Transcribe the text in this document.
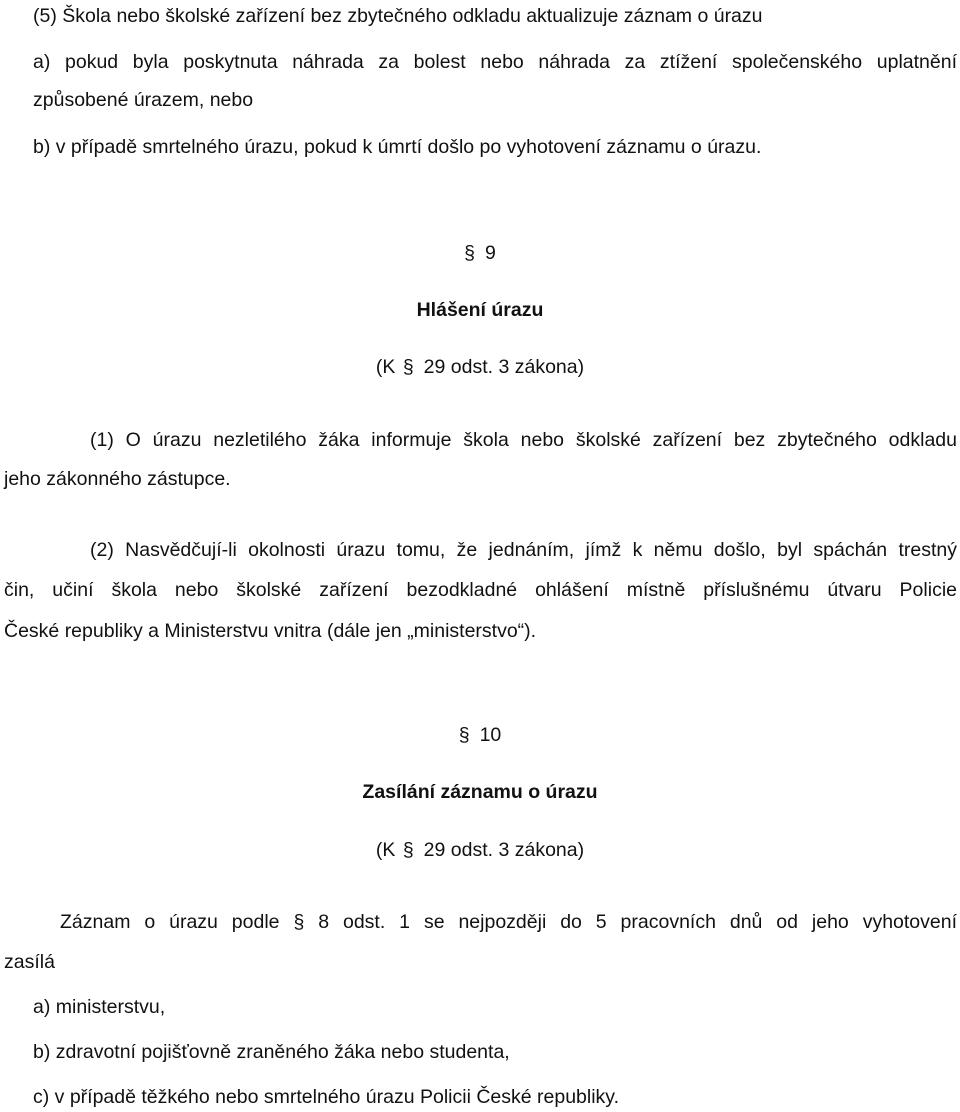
(5) Škola nebo školské zařízení bez zbytečného odkladu aktualizuje záznam o úrazu
a) pokud byla poskytnuta náhrada za bolest nebo náhrada za ztížení společenského uplatnění
způsobené úrazem, nebo
b) v případě smrtelného úrazu, pokud k úmrtí došlo po vyhotovení záznamu o úrazu.
§ 9
Hlášení úrazu
(K § 29 odst. 3 zákona)
(1) O úrazu nezletilého žáka informuje škola nebo školské zařízení bez zbytečného odkladu
jeho zákonného zástupce.
(2) Nasvědčují-li okolnosti úrazu tomu, že jednáním, jímž k němu došlo, byl spáchán trestný
čin, učiní škola nebo školské zařízení bezodkladné ohlášení místně příslušnému útvaru Policie
České republiky a Ministerstvu vnitra (dále jen „ministerstvo“).
§ 10
Zasílání záznamu o úrazu
(K § 29 odst. 3 zákona)
Záznam o úrazu podle § 8 odst. 1 se nejpozději do 5 pracovních dnů od jeho vyhotovení
zasílá
a) ministerstvu,
b) zdravotní pojišťovně zraněného žáka nebo studenta,
c) v případě těžkého nebo smrtelného úrazu Policii České republiky.
